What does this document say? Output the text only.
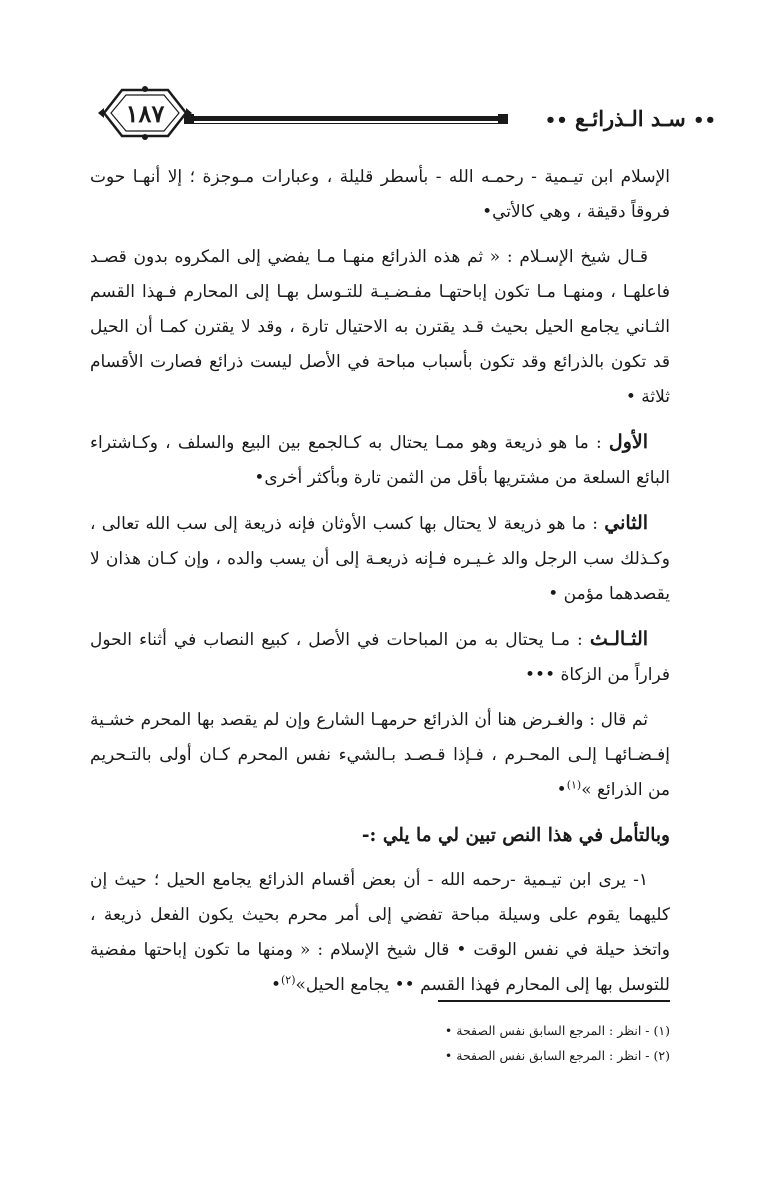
•• سـد الـذرائـع ••
١٨٧

الإسلام ابن تيـمية - رحمـه الله - بأسطر قليلة ، وعبارات مـوجزة ؛ إلا أنهـا حوت فروقاً دقيقة ، وهي كالأتي•

قـال شيخ الإسـلام : « ثم هذه الذرائع منهـا مـا يفضي إلى المكروه بدون قصـد فاعلهـا ، ومنهـا مـا تكون إباحتهـا مفـضـيـة للتـوسل بهـا إلى المحارم فـهذا القسم الثـاني يجامع الحيل بحيث قـد يقترن به الاحتيال تارة ، وقد لا يقترن كمـا أن الحيل قد تكون بالذرائع وقد تكون بأسباب مباحة في الأصل ليست ذرائع فصارت الأقسام ثلاثة •

الأول : ما هو ذريعة وهو ممـا يحتال به كـالجمع بين البيع والسلف ، وكـاشتراء البائع السلعة من مشتريها بأقل من الثمن تارة وبأكثر أخرى•

الثاني : ما هو ذريعة لا يحتال بها كسب الأوثان فإنه ذريعة إلى سب الله تعالى ، وكـذلك سب الرجل والد غـيـره فـإنه ذريعـة إلى أن يسب والده ، وإن كـان هذان لا يقصدهما مؤمن •

الثـالـث : مـا يحتال به من المباحات في الأصل ، كبيع النصاب في أثناء الحول فراراً من الزكاة •••

ثم قال : والغـرض هنا أن الذرائع حرمهـا الشارع وإن لم يقصد بها المحرم خشـية إفـضـائهـا إلـى المحـرم ، فـإذا قـصـد بـالشيء نفس المحرم كـان أولى بالتـحريم من الذرائع »$^{(١)}$•

وبالتأمل في هذا النص تبين لي ما يلي :-

١- يرى ابن تيـمية -رحمه الله - أن بعض أقسام الذرائع يجامع الحيل ؛ حيث إن كليهما يقوم على وسيلة مباحة تفضي إلى أمر محرم بحيث يكون الفعل ذريعة ، واتخذ حيلة في نفس الوقت • قال شيخ الإسلام : « ومنها ما تكون إباحتها مفضية للتوسل بها إلى المحارم فهذا القسم •• يجامع الحيل»$^{(٢)}$•

(١) - انظر : المرجع السابق نفس الصفحة •
(٢) - انظر : المرجع السابق نفس الصفحة •
